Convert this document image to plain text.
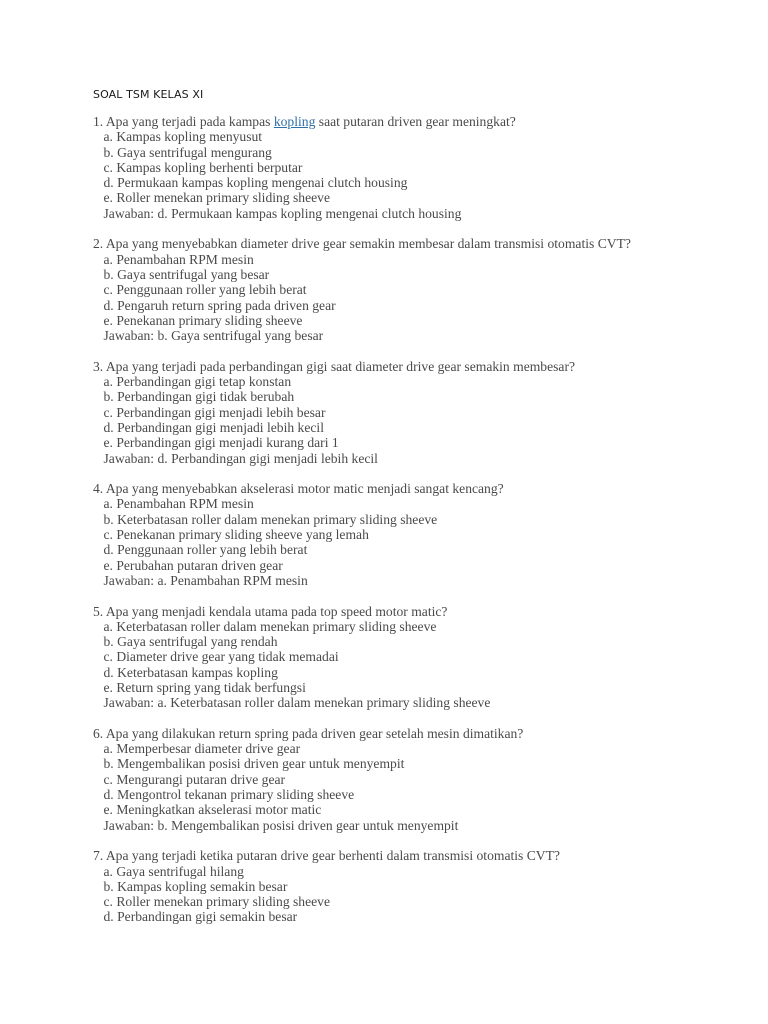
SOAL TSM KELAS XI
1. Apa yang terjadi pada kampas kopling saat putaran driven gear meningkat?
a. Kampas kopling menyusut
b. Gaya sentrifugal mengurang
c. Kampas kopling berhenti berputar
d. Permukaan kampas kopling mengenai clutch housing
e. Roller menekan primary sliding sheeve
Jawaban: d. Permukaan kampas kopling mengenai clutch housing
2. Apa yang menyebabkan diameter drive gear semakin membesar dalam transmisi otomatis CVT?
a. Penambahan RPM mesin
b. Gaya sentrifugal yang besar
c. Penggunaan roller yang lebih berat
d. Pengaruh return spring pada driven gear
e. Penekanan primary sliding sheeve
Jawaban: b. Gaya sentrifugal yang besar
3. Apa yang terjadi pada perbandingan gigi saat diameter drive gear semakin membesar?
a. Perbandingan gigi tetap konstan
b. Perbandingan gigi tidak berubah
c. Perbandingan gigi menjadi lebih besar
d. Perbandingan gigi menjadi lebih kecil
e. Perbandingan gigi menjadi kurang dari 1
Jawaban: d. Perbandingan gigi menjadi lebih kecil
4. Apa yang menyebabkan akselerasi motor matic menjadi sangat kencang?
a. Penambahan RPM mesin
b. Keterbatasan roller dalam menekan primary sliding sheeve
c. Penekanan primary sliding sheeve yang lemah
d. Penggunaan roller yang lebih berat
e. Perubahan putaran driven gear
Jawaban: a. Penambahan RPM mesin
5. Apa yang menjadi kendala utama pada top speed motor matic?
a. Keterbatasan roller dalam menekan primary sliding sheeve
b. Gaya sentrifugal yang rendah
c. Diameter drive gear yang tidak memadai
d. Keterbatasan kampas kopling
e. Return spring yang tidak berfungsi
Jawaban: a. Keterbatasan roller dalam menekan primary sliding sheeve
6. Apa yang dilakukan return spring pada driven gear setelah mesin dimatikan?
a. Memperbesar diameter drive gear
b. Mengembalikan posisi driven gear untuk menyempit
c. Mengurangi putaran drive gear
d. Mengontrol tekanan primary sliding sheeve
e. Meningkatkan akselerasi motor matic
Jawaban: b. Mengembalikan posisi driven gear untuk menyempit
7. Apa yang terjadi ketika putaran drive gear berhenti dalam transmisi otomatis CVT?
a. Gaya sentrifugal hilang
b. Kampas kopling semakin besar
c. Roller menekan primary sliding sheeve
d. Perbandingan gigi semakin besar
